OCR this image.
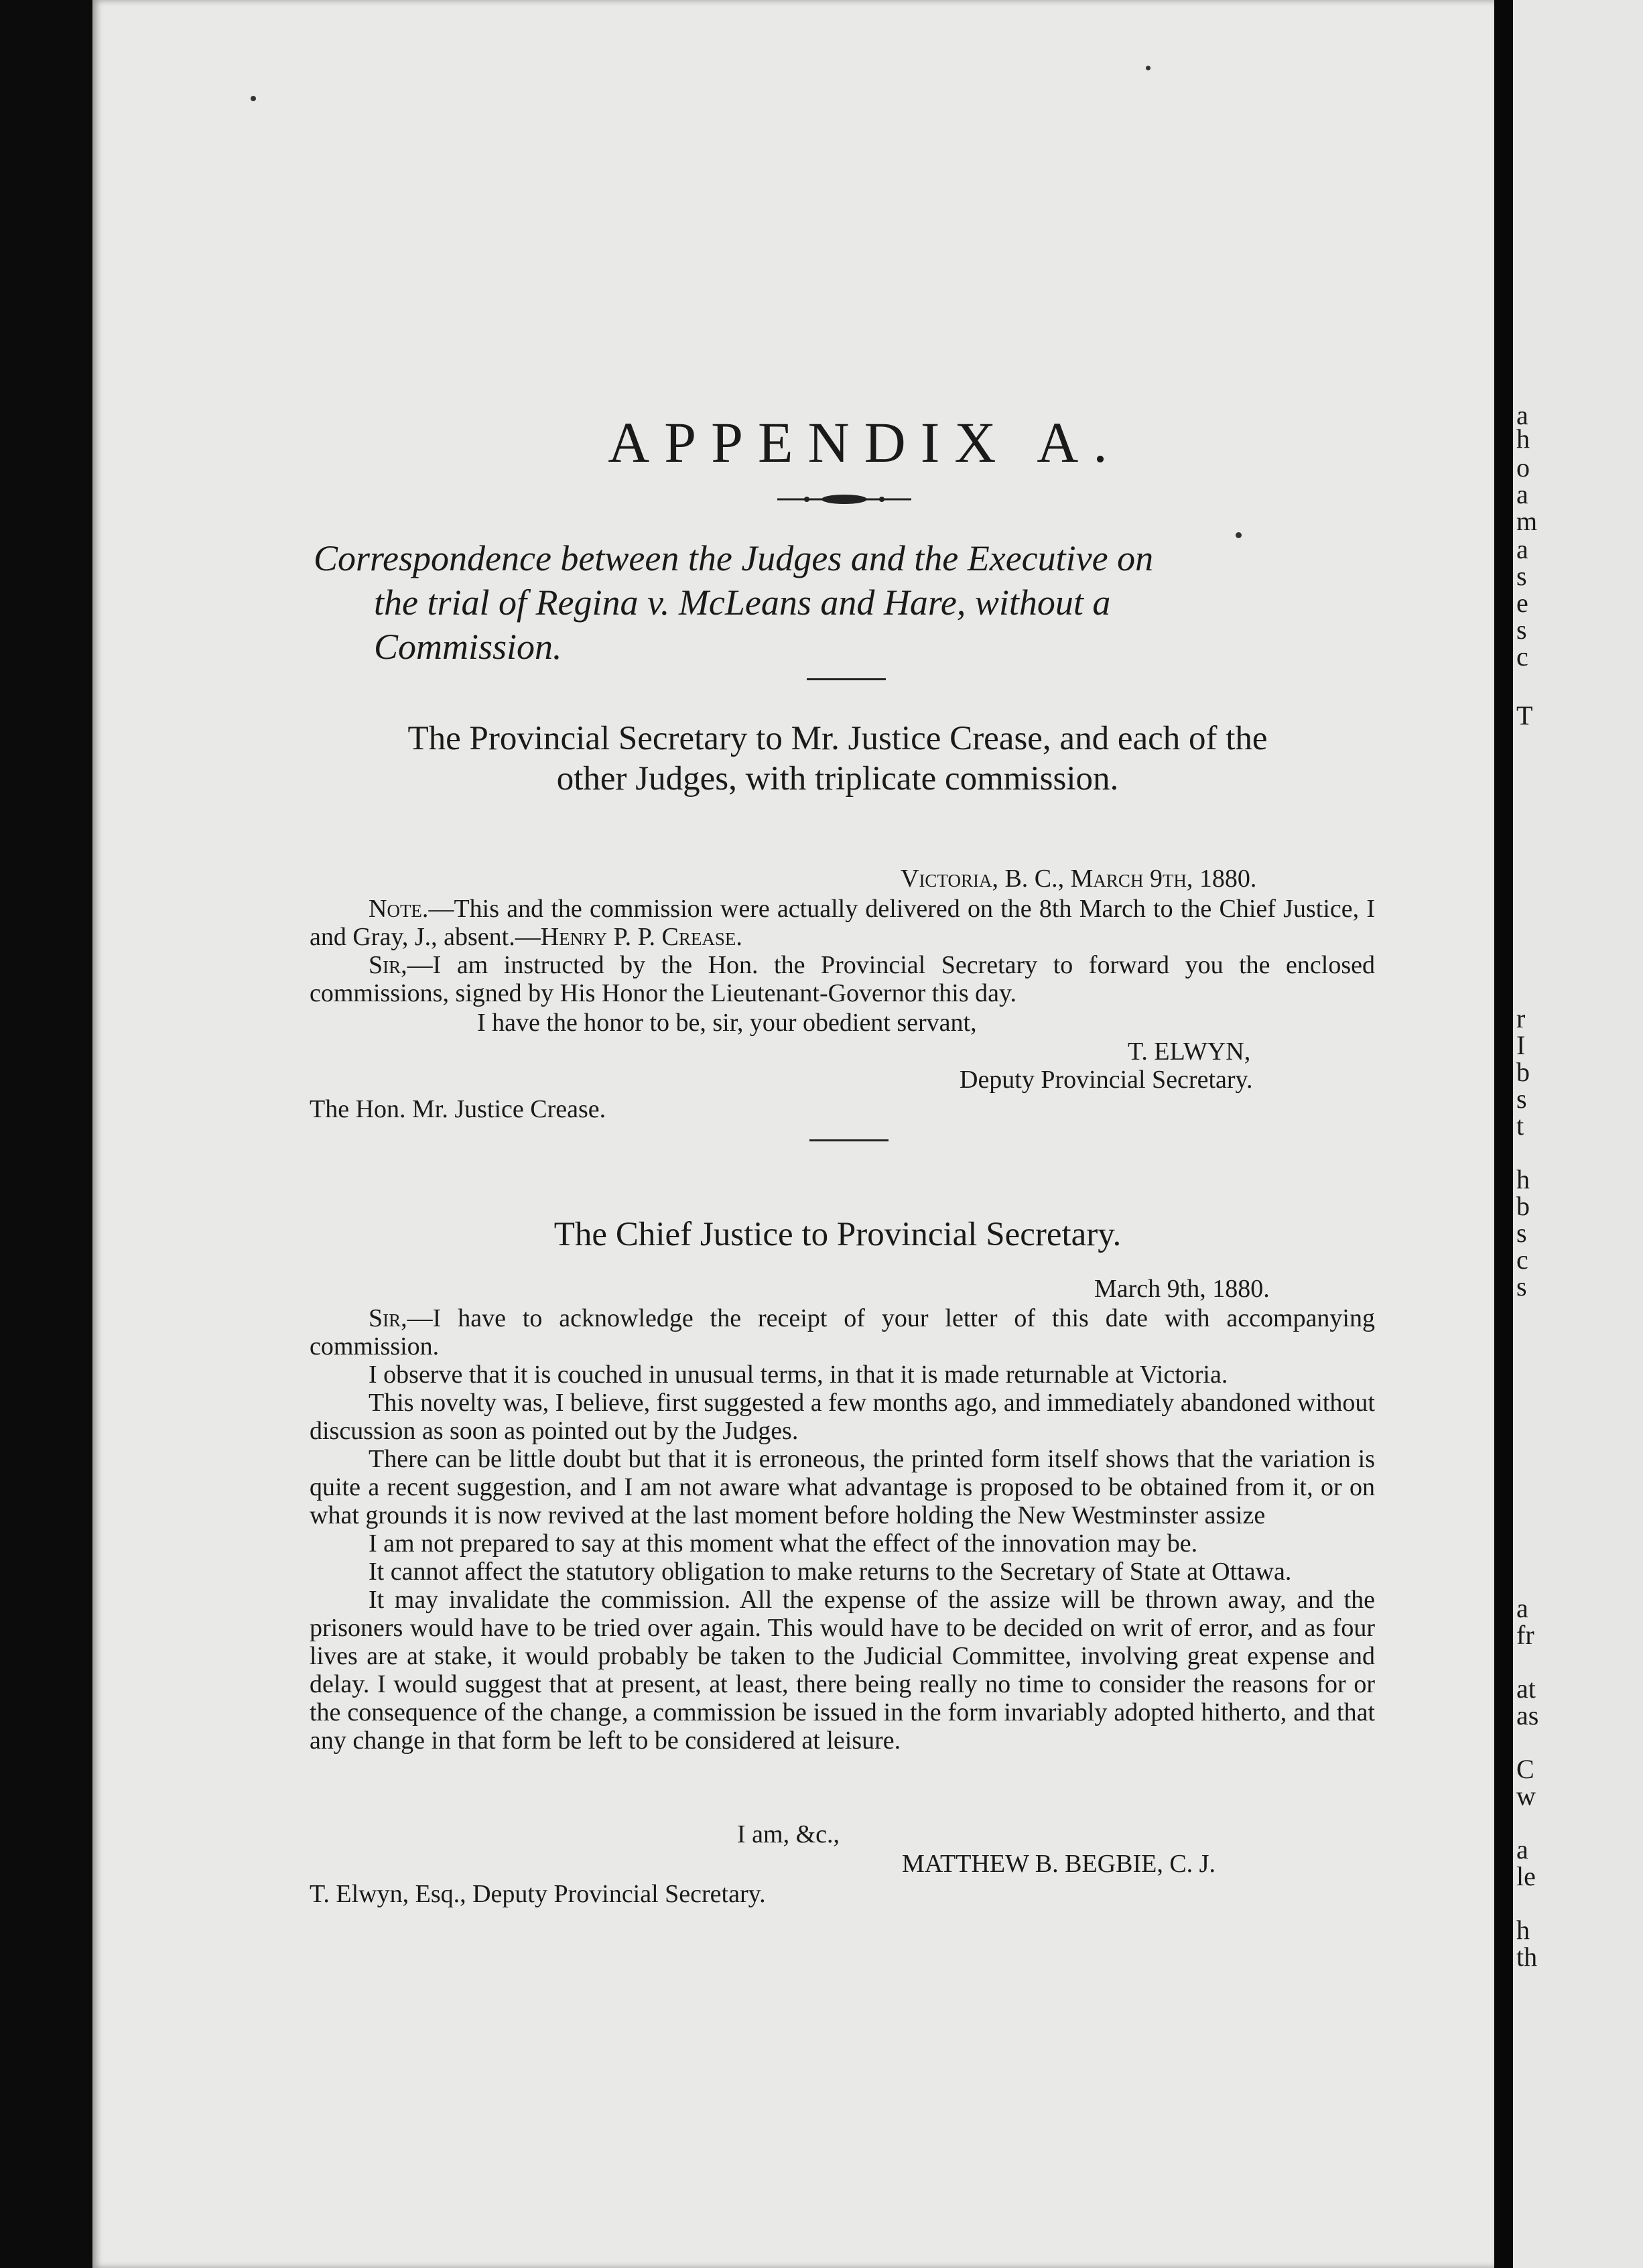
APPENDIX A.
Correspondence between the Judges and the Executive on
the trial of Regina v. McLeans and Hare, without a
Commission.
The Provincial Secretary to Mr. Justice Crease, and each of the
other Judges, with triplicate commission.
Victoria, B. C., March 9th, 1880.

Note.—This and the commission were actually delivered on the 8th March to the Chief Justice, I and Gray, J., absent.—Henry P. P. Crease.

Sir,—I am instructed by the Hon. the Provincial Secretary to forward you the enclosed commissions, signed by His Honor the Lieutenant-Governor this day.

I have the honor to be, sir, your obedient servant,
T. ELWYN,
Deputy Provincial Secretary.
The Hon. Mr. Justice Crease.
The Chief Justice to Provincial Secretary.
March 9th, 1880.

Sir,—I have to acknowledge the receipt of your letter of this date with accompanying commission.

I observe that it is couched in unusual terms, in that it is made returnable at Victoria.

This novelty was, I believe, first suggested a few months ago, and immediately abandoned without discussion as soon as pointed out by the Judges.

There can be little doubt but that it is erroneous, the printed form itself shows that the variation is quite a recent suggestion, and I am not aware what advantage is proposed to be obtained from it, or on what grounds it is now revived at the last moment before holding the New Westminster assize

I am not prepared to say at this moment what the effect of the innovation may be.

It cannot affect the statutory obligation to make returns to the Secretary of State at Ottawa.

It may invalidate the commission. All the expense of the assize will be thrown away, and the prisoners would have to be tried over again. This would have to be decided on writ of error, and as four lives are at stake, it would probably be taken to the Judicial Committee, involving great expense and delay. I would suggest that at present, at least, there being really no time to consider the reasons for or the consequence of the change, a commission be issued in the form invariably adopted hitherto, and that any change in that form be left to be considered at leisure.

I am, &c.,
MATTHEW B. BEGBIE, C. J.
T. Elwyn, Esq., Deputy Provincial Secretary.
a
h
o
a
m
a
s
e
s
c
T
r
I
b
s
t
h
b
s
c
s
a
fr
at
as
C
w
a
le
h
th
